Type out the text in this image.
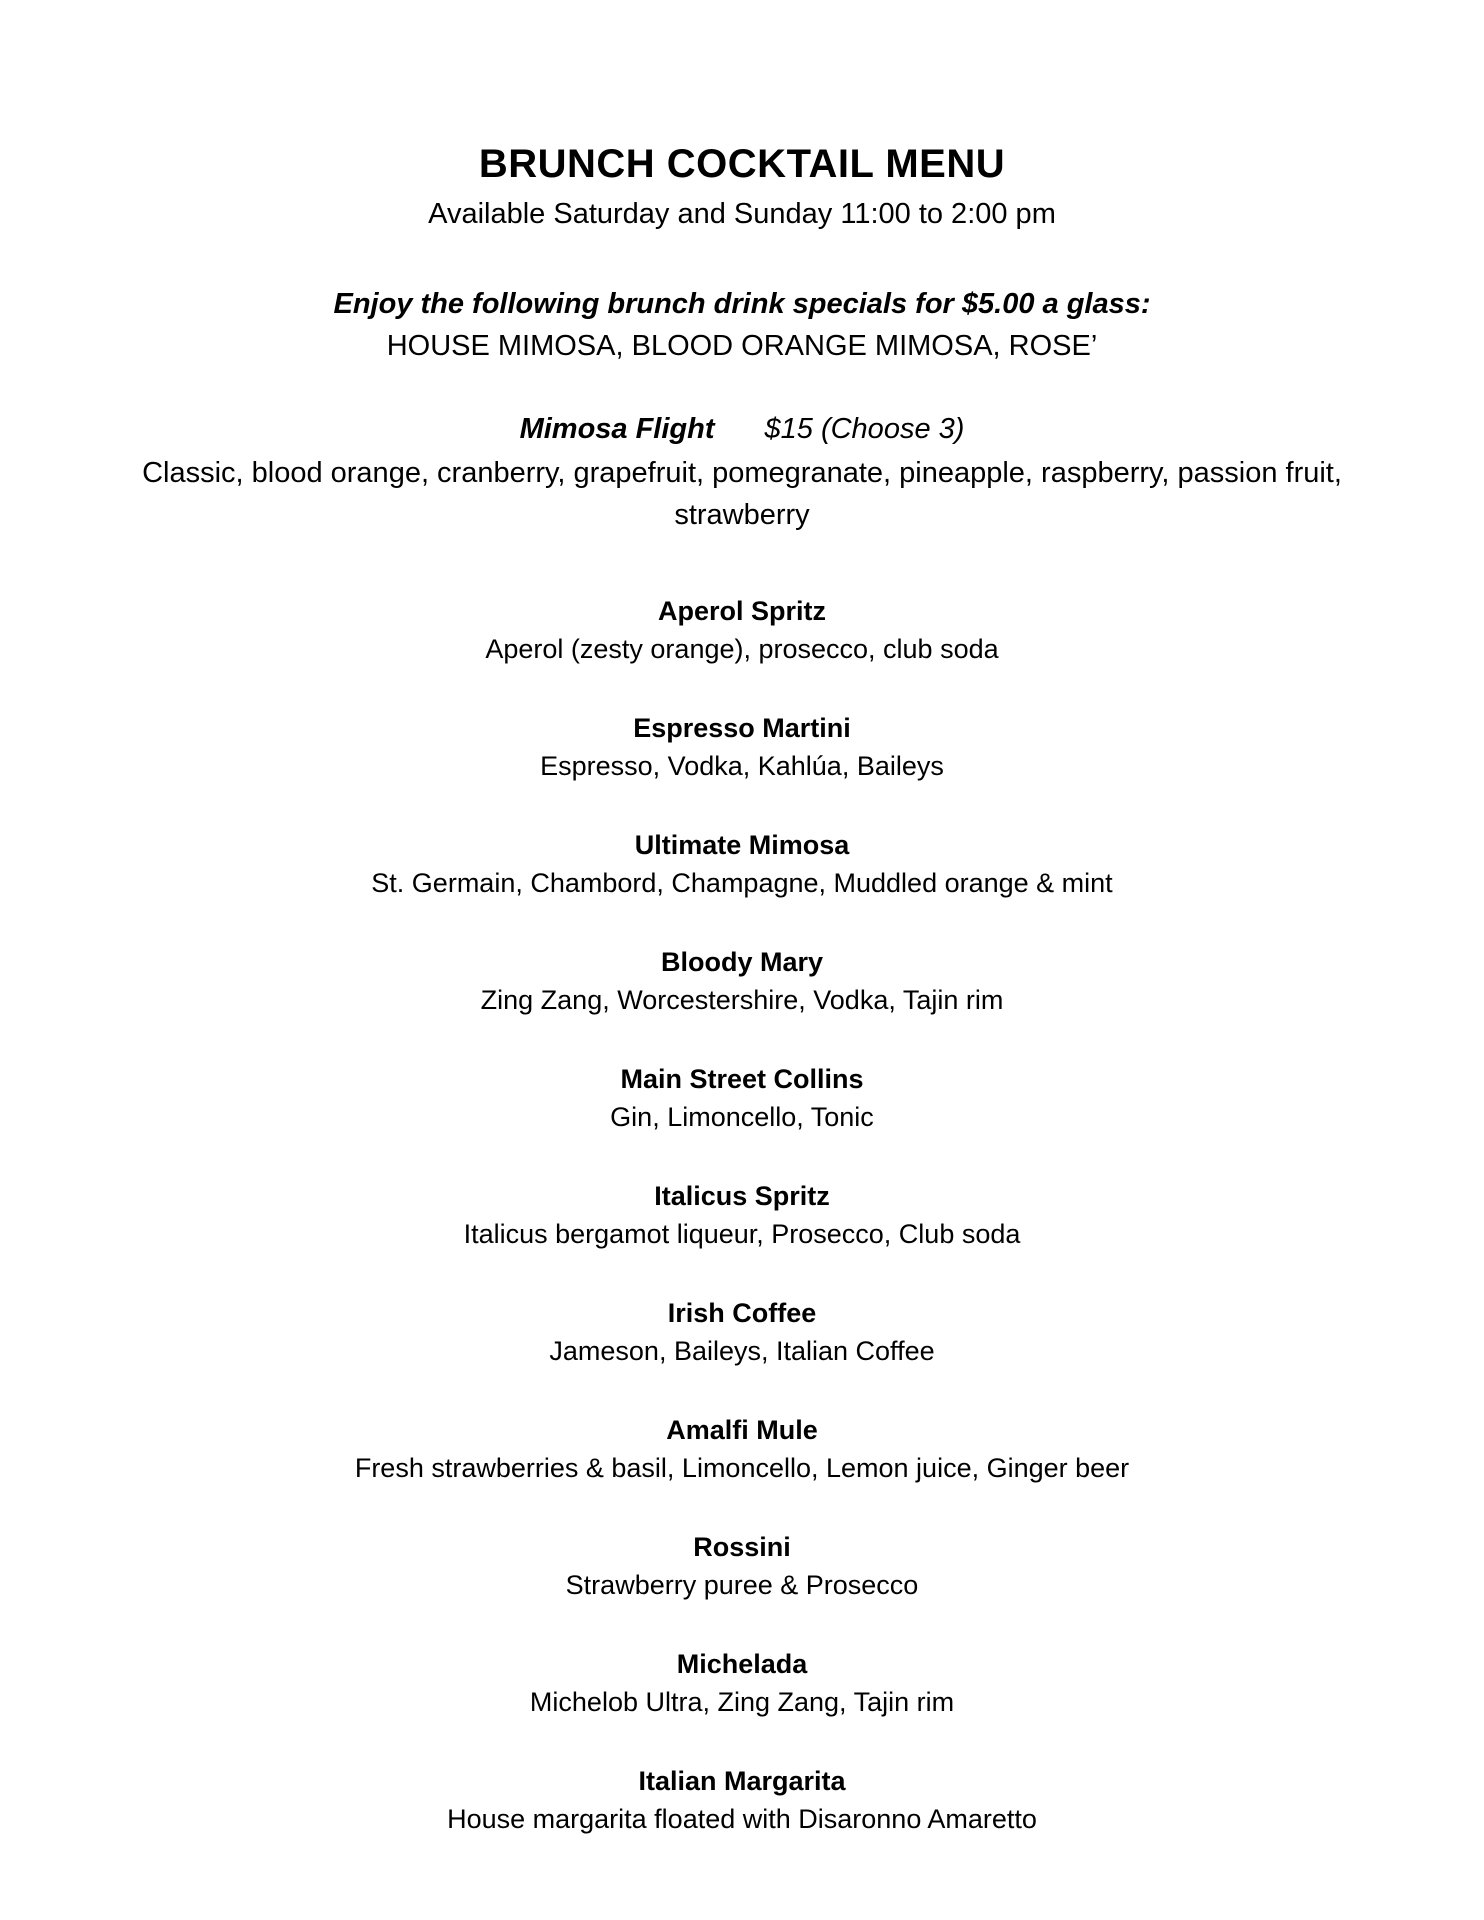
BRUNCH COCKTAIL MENU
Available Saturday and Sunday 11:00 to 2:00 pm
Enjoy the following brunch drink specials for $5.00 a glass:
HOUSE MIMOSA, BLOOD ORANGE MIMOSA, ROSE’
Mimosa Flight $15 (Choose 3)
Classic, blood orange, cranberry, grapefruit, pomegranate, pineapple, raspberry, passion fruit, strawberry
Aperol Spritz
Aperol (zesty orange), prosecco, club soda
Espresso Martini
Espresso, Vodka, Kahlúa, Baileys
Ultimate Mimosa
St. Germain, Chambord, Champagne, Muddled orange & mint
Bloody Mary
Zing Zang, Worcestershire, Vodka, Tajin rim
Main Street Collins
Gin, Limoncello, Tonic
Italicus Spritz
Italicus bergamot liqueur, Prosecco, Club soda
Irish Coffee
Jameson, Baileys, Italian Coffee
Amalfi Mule
Fresh strawberries & basil, Limoncello, Lemon juice, Ginger beer
Rossini
Strawberry puree & Prosecco
Michelada
Michelob Ultra, Zing Zang, Tajin rim
Italian Margarita
House margarita floated with Disaronno Amaretto
